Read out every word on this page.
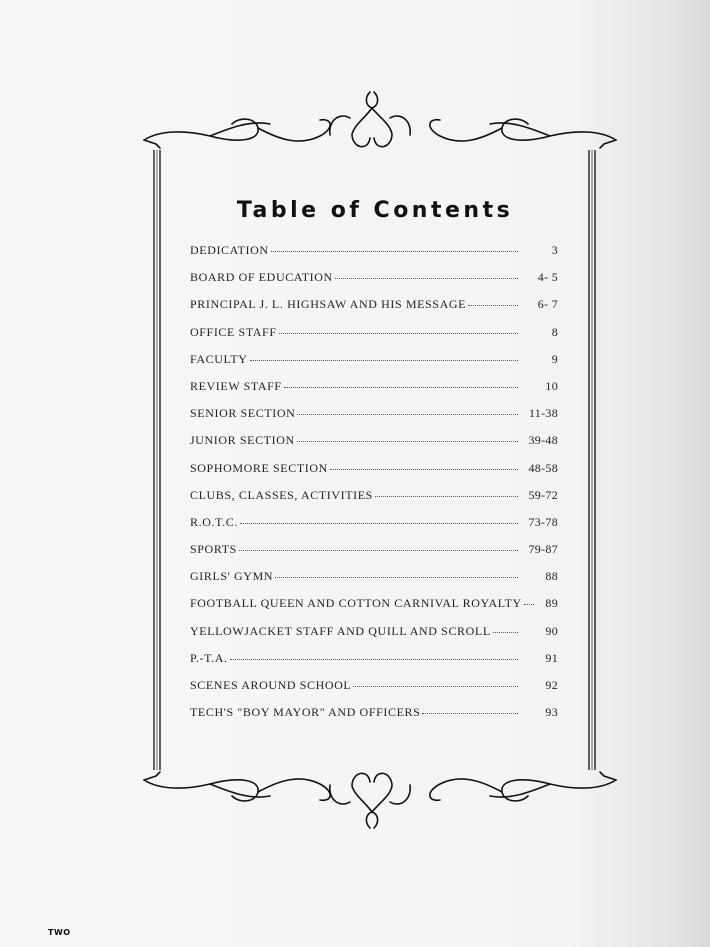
Table of Contents
DEDICATION	3
BOARD OF EDUCATION	4- 5
PRINCIPAL J. L. HIGHSAW AND HIS MESSAGE	6- 7
OFFICE STAFF	8
FACULTY	9
REVIEW STAFF	10
SENIOR SECTION	11-38
JUNIOR SECTION	39-48
SOPHOMORE SECTION	48-58
CLUBS, CLASSES, ACTIVITIES	59-72
R.O.T.C.	73-78
SPORTS	79-87
GIRLS' GYMN	88
FOOTBALL QUEEN AND COTTON CARNIVAL ROYALTY	89
YELLOWJACKET STAFF AND QUILL AND SCROLL	90
P.-T.A.	91
SCENES AROUND SCHOOL	92
TECH'S "BOY MAYOR" AND OFFICERS	93

TWO
